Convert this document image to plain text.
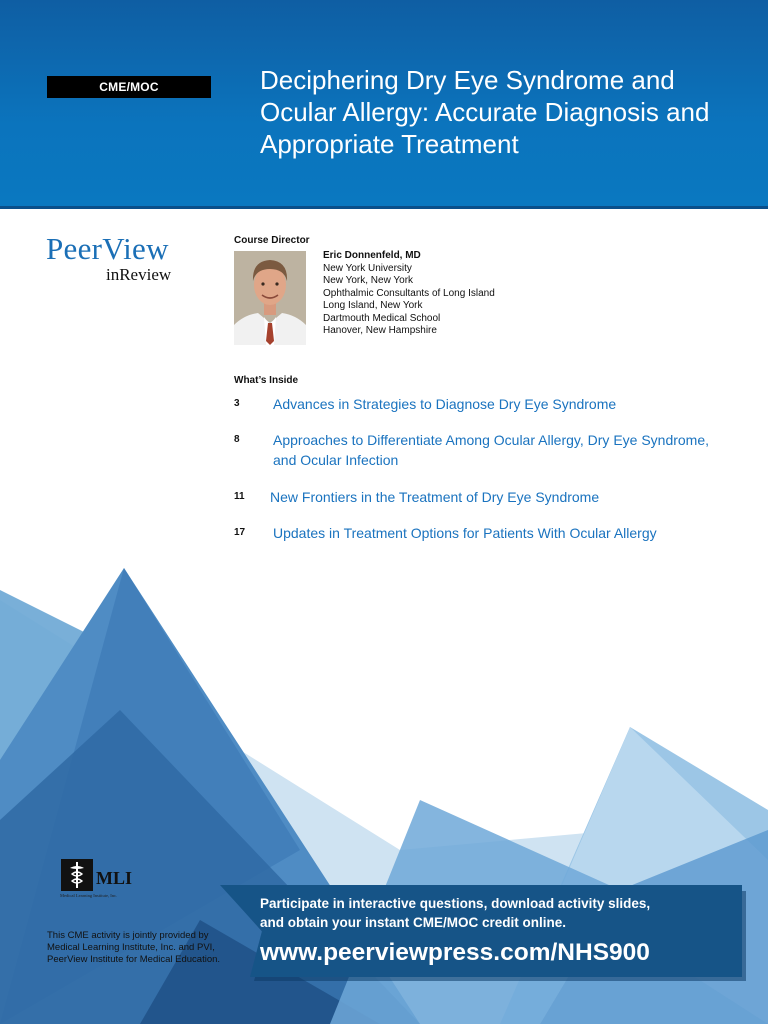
CME/MOC	Deciphering Dry Eye Syndrome and Ocular Allergy: Accurate Diagnosis and Appropriate Treatment
PeerView
inReview
Course Director
Eric Donnenfeld, MD
New York University
New York, New York
Ophthalmic Consultants of Long Island
Long Island, New York
Dartmouth Medical School
Hanover, New Hampshire
What’s Inside
3 Advances in Strategies to Diagnose Dry Eye Syndrome
8 Approaches to Differentiate Among Ocular Allergy, Dry Eye Syndrome,
and Ocular Infection
11 New Frontiers in the Treatment of Dry Eye Syndrome
17 Updates in Treatment Options for Patients With Ocular Allergy
MLI
Medical Learning Institute, Inc.
This CME activity is jointly provided by
Medical Learning Institute, Inc. and PVI,
PeerView Institute for Medical Education.
Participate in interactive questions, download activity slides,
and obtain your instant CME/MOC credit online.
www.peerviewpress.com/NHS900
